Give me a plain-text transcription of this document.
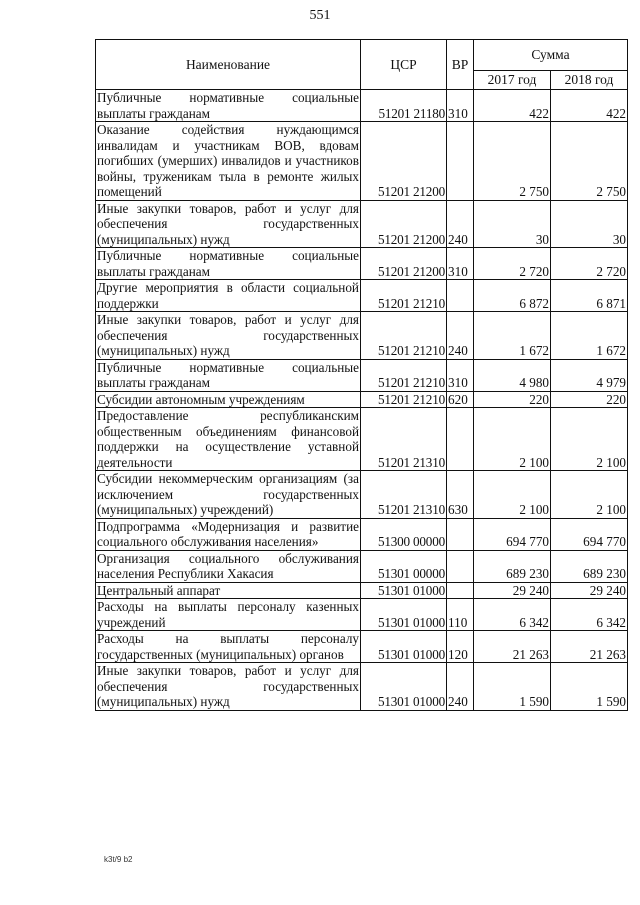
551
Наименование	ЦСР	ВР	Сумма	
			2017 год	2018 год
Публичные нормативные социальные выплаты гражданам	51201 21180	310	422	422
Оказание содействия нуждающимся инвалидам и участникам ВОВ, вдовам погибших (умерших) инвалидов и участников войны, труженикам тыла в ремонте жилых помещений	51201 21200		2 750	2 750
Иные закупки товаров, работ и услуг для обеспечения государственных (муниципальных) нужд	51201 21200	240	30	30
Публичные нормативные социальные выплаты гражданам	51201 21200	310	2 720	2 720
Другие мероприятия в области социальной поддержки	51201 21210		6 872	6 871
Иные закупки товаров, работ и услуг для обеспечения государственных (муниципальных) нужд	51201 21210	240	1 672	1 672
Публичные нормативные социальные выплаты гражданам	51201 21210	310	4 980	4 979
Субсидии автономным учреждениям	51201 21210	620	220	220
Предоставление республиканским общественным объединениям финансовой поддержки на осуществление уставной деятельности	51201 21310		2 100	2 100
Субсидии некоммерческим организациям (за исключением государственных (муниципальных) учреждений)	51201 21310	630	2 100	2 100
Подпрограмма «Модернизация и развитие социального обслуживания населения»	51300 00000		694 770	694 770
Организация социального обслуживания населения Республики Хакасия	51301 00000		689 230	689 230
Центральный аппарат	51301 01000		29 240	29 240
Расходы на выплаты персоналу казенных учреждений	51301 01000	110	6 342	6 342
Расходы на выплаты персоналу государственных (муниципальных) органов	51301 01000	120	21 263	21 263
Иные закупки товаров, работ и услуг для обеспечения государственных (муниципальных) нужд	51301 01000	240	1 590	1 590
k3t/9 b2
